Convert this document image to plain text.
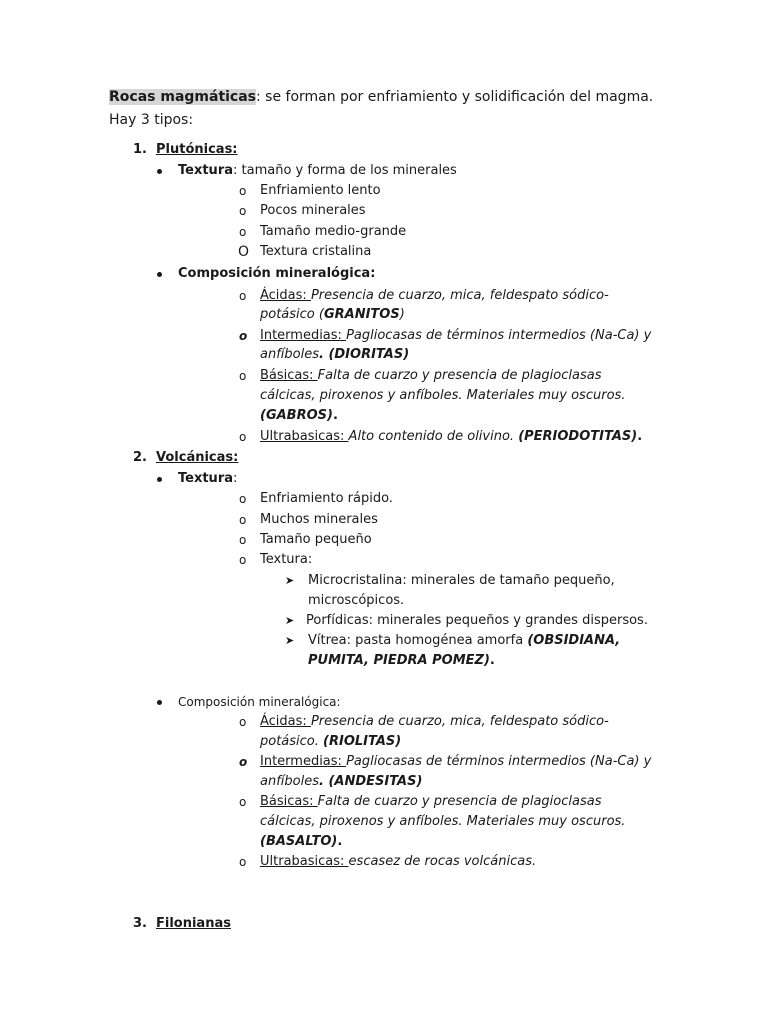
Rocas magmáticas: se forman por enfriamiento y solidificación del magma.
Hay 3 tipos:
1. Plutónicas:
Textura: tamaño y forma de los minerales
o Enfriamiento lento
o Pocos minerales
o Tamaño medio-grande
O Textura cristalina
Composición mineralógica:
o Ácidas: Presencia de cuarzo, mica, feldespato sódico-
potásico (GRANITOS)
o Intermedias: Pagliocasas de términos intermedios (Na-Ca) y
anfíboles. (DIORITAS)
o Básicas: Falta de cuarzo y presencia de plagioclasas
cálcicas, piroxenos y anfíboles. Materiales muy oscuros.
(GABROS).
o Ultrabasicas: Alto contenido de olivino. (PERIODOTITAS).
2. Volcánicas:
Textura:
o Enfriamiento rápido.
o Muchos minerales
o Tamaño pequeño
o Textura:
➤ Microcristalina: minerales de tamaño pequeño,
microscópicos.
➤ Porfídicas: minerales pequeños y grandes dispersos.
➤ Vítrea: pasta homogénea amorfa (OBSIDIANA,
PUMITA, PIEDRA POMEZ).
Composición mineralógica:
o Ácidas: Presencia de cuarzo, mica, feldespato sódico-
potásico. (RIOLITAS)
o Intermedias: Pagliocasas de términos intermedios (Na-Ca) y
anfíboles. (ANDESITAS)
o Básicas: Falta de cuarzo y presencia de plagioclasas
cálcicas, piroxenos y anfíboles. Materiales muy oscuros.
(BASALTO).
o Ultrabasicas: escasez de rocas volcánicas.
3. Filonianas
